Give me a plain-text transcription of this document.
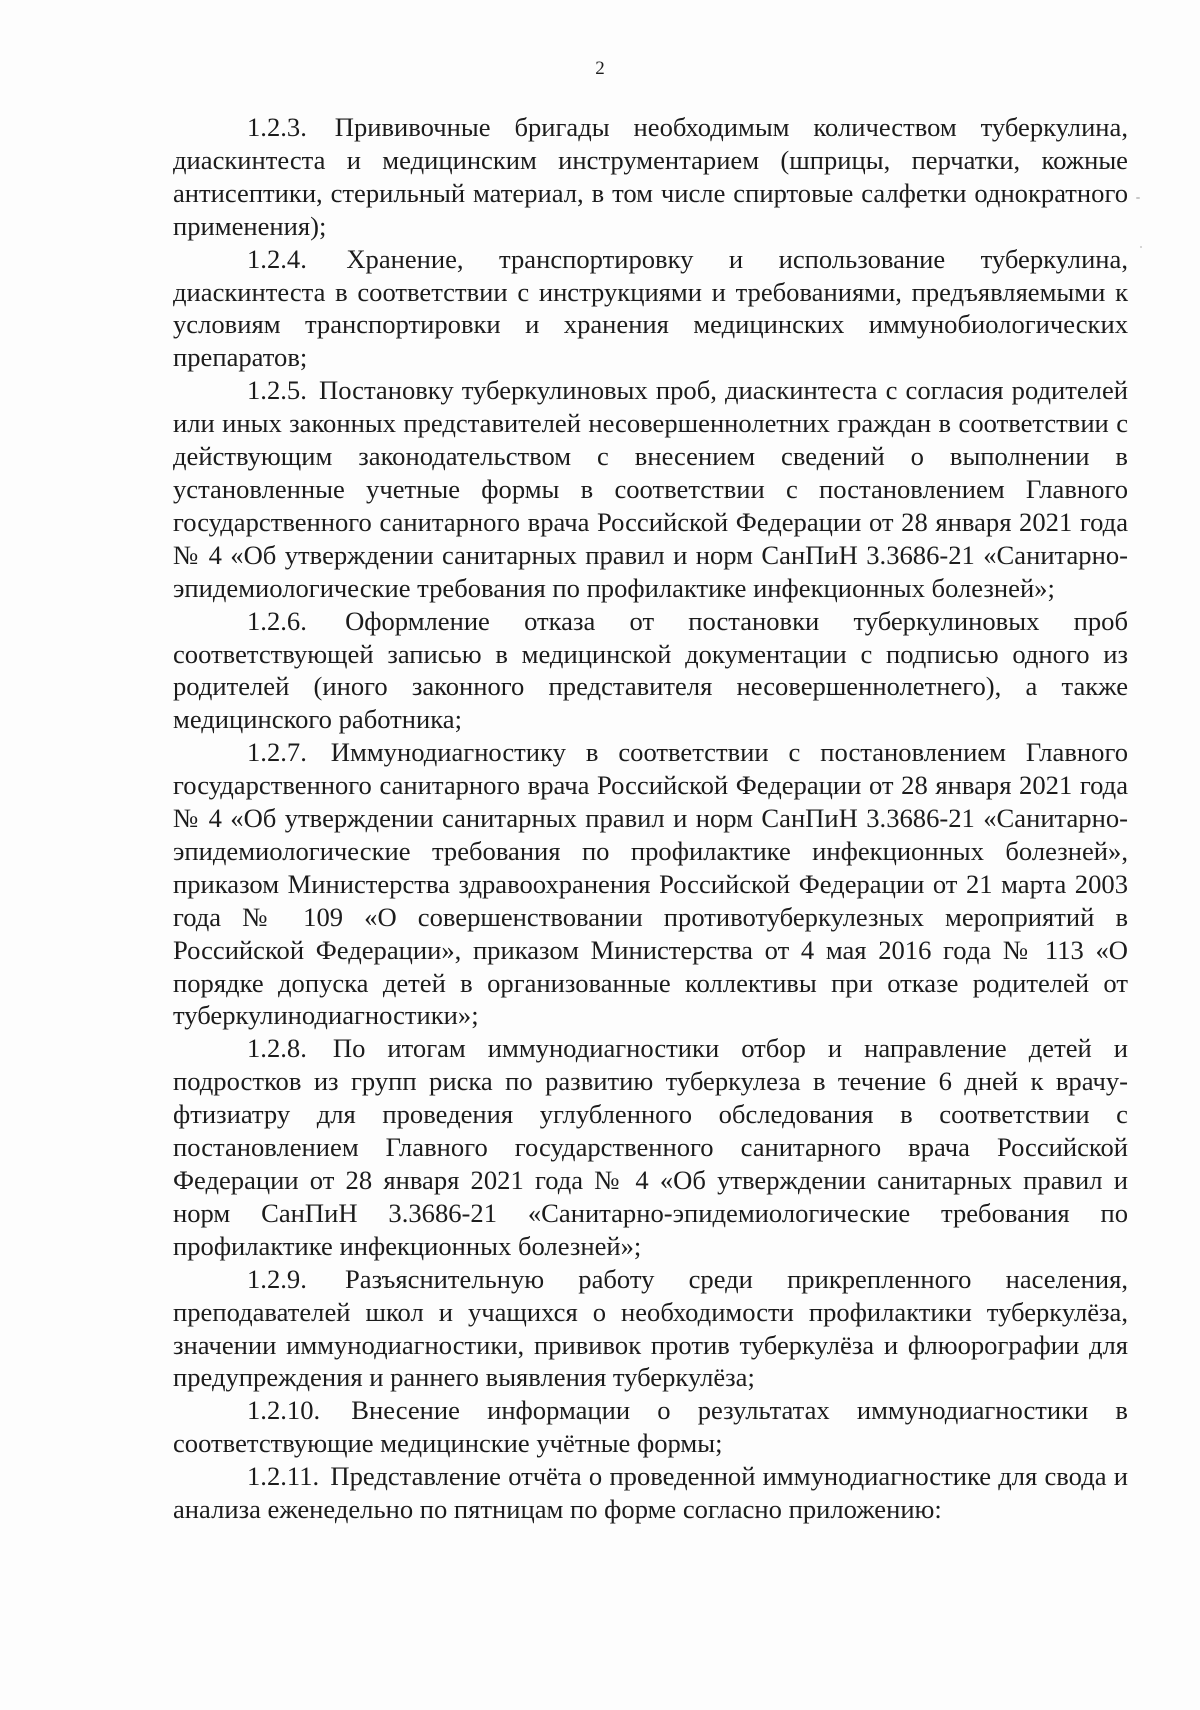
2

1.2.3. Прививочные бригады необходимым количеством туберкулина, диаскинтеста и медицинским инструментарием (шприцы, перчатки, кожные антисептики, стерильный материал, в том числе спиртовые салфетки однократного применения);

1.2.4. Хранение, транспортировку и использование туберкулина, диаскинтеста в соответствии с инструкциями и требованиями, предъявляемыми к условиям транспортировки и хранения медицинских иммунобиологических препаратов;

1.2.5. Постановку туберкулиновых проб, диаскинтеста с согласия родителей или иных законных представителей несовершеннолетних граждан в соответствии с действующим законодательством с внесением сведений о выполнении в установленные учетные формы в соответствии с постановлением Главного государственного санитарного врача Российской Федерации от 28 января 2021 года № 4 «Об утверждении санитарных правил и норм СанПиН 3.3686-21 «Санитарно-эпидемиологические требования по профилактике инфекционных болезней»;

1.2.6. Оформление отказа от постановки туберкулиновых проб соответствующей записью в медицинской документации с подписью одного из родителей (иного законного представителя несовершеннолетнего), а также медицинского работника;

1.2.7. Иммунодиагностику в соответствии с постановлением Главного государственного санитарного врача Российской Федерации от 28 января 2021 года № 4 «Об утверждении санитарных правил и норм СанПиН 3.3686-21 «Санитарно-эпидемиологические требования по профилактике инфекционных болезней», приказом Министерства здравоохранения Российской Федерации от 21 марта 2003 года № 109 «О совершенствовании противотуберкулезных мероприятий в Российской Федерации», приказом Министерства от 4 мая 2016 года № 113 «О порядке допуска детей в организованные коллективы при отказе родителей от туберкулинодиагностики»;

1.2.8. По итогам иммунодиагностики отбор и направление детей и подростков из групп риска по развитию туберкулеза в течение 6 дней к врачу-фтизиатру для проведения углубленного обследования в соответствии с постановлением Главного государственного санитарного врача Российской Федерации от 28 января 2021 года № 4 «Об утверждении санитарных правил и норм СанПиН 3.3686-21 «Санитарно-эпидемиологические требования по профилактике инфекционных болезней»;

1.2.9. Разъяснительную работу среди прикрепленного населения, преподавателей школ и учащихся о необходимости профилактики туберкулёза, значении иммунодиагностики, прививок против туберкулёза и флюорографии для предупреждения и раннего выявления туберкулёза;

1.2.10. Внесение информации о результатах иммунодиагностики в соответствующие медицинские учётные формы;

1.2.11. Представление отчёта о проведенной иммунодиагностике для свода и анализа еженедельно по пятницам по форме согласно приложению:
